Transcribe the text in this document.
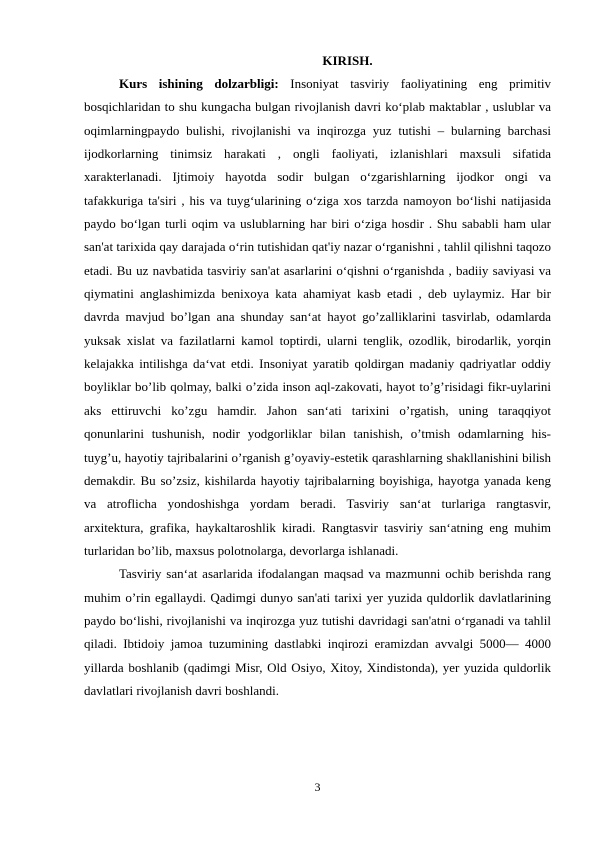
KIRISH.

Kurs ishining dolzarbligi: Insoniyat tasviriy faoliyatining eng primitiv bosqichlaridan to shu kungacha bulgan rivojlanish davri ko‘plab maktablar , uslublar va oqimlarningpaydo bulishi, rivojlanishi va inqirozga yuz tutishi – bularning barchasi ijodkorlarning tinimsiz harakati , ongli faoliyati, izlanishlari maxsuli sifatida xarakterlanadi. Ijtimoiy hayotda sodir bulgan o‘zgarishlarning ijodkor ongi va tafakkuriga ta'siri , his va tuyg‘ularining o‘ziga xos tarzda namoyon bo‘lishi natijasida paydo bo‘lgan turli oqim va uslublarning har biri o‘ziga hosdir . Shu sababli ham ular san'at tarixida qay darajada o‘rin tutishidan qat'iy nazar o‘rganishni , tahlil qilishni taqozo etadi. Bu uz navbatida tasviriy san'at asarlarini o‘qishni o‘rganishda , badiiy saviyasi va qiymatini anglashimizda benixoya kata ahamiyat kasb etadi , deb uylaymiz. Har bir davrda mavjud bo’lgan ana shunday san‘at hayot go’zalliklarini tasvirlab, odamlarda yuksak xislat va fazilatlarni kamol toptirdi, ularni tenglik, ozodlik, birodarlik, yorqin kelajakka intilishga da‘vat etdi. Insoniyat yaratib qoldirgan madaniy qadriyatlar oddiy boyliklar bo’lib qolmay, balki o’zida inson aql-zakovati, hayot to’g’risidagi fikr-uylarini aks ettiruvchi ko’zgu hamdir. Jahon san‘ati tarixini o’rgatish, uning taraqqiyot qonunlarini tushunish, nodir yodgorliklar bilan tanishish, o’tmish odamlarning his-tuyg’u, hayotiy tajribalarini o’rganish g’oyaviy-estetik qarashlarning shakllanishini bilish demakdir. Bu so’zsiz, kishilarda hayotiy tajribalarning boyishiga, hayotga yanada keng va atroflicha yondoshishga yordam beradi. Tasviriy san‘at turlariga rangtasvir, arxitektura, grafika, haykaltaroshlik kiradi. Rangtasvir tasviriy san‘atning eng muhim turlaridan bo’lib, maxsus polotnolarga, devorlarga ishlanadi.

Tasviriy san‘at asarlarida ifodalangan maqsad va mazmunni ochib berishda rang muhim o’rin egallaydi. Qadimgi dunyo san'ati tarixi yer yuzida quldorlik davlatlarining paydo bo‘lishi, rivojlanishi va inqirozga yuz tutishi davridagi san'atni o‘rganadi va tahlil qiladi. Ibtidoiy jamoa tuzumining dastlabki inqirozi eramizdan avvalgi 5000— 4000 yillarda boshlanib (qadimgi Misr, Old Osiyo, Xitoy, Xindistonda), yer yuzida quldorlik davlatlari rivojlanish davri boshlandi.

3
